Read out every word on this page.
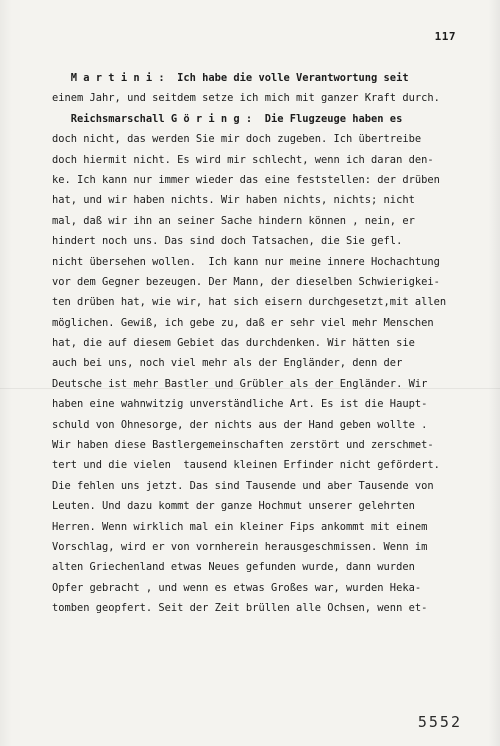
117
M a r t i n i :  Ich habe die volle Verantwortung seit
einem Jahr, und seitdem setze ich mich mit ganzer Kraft durch.
Reichsmarschall G ö r i n g :  Die Flugzeuge haben es
doch nicht, das werden Sie mir doch zugeben. Ich übertreibe
doch hiermit nicht. Es wird mir schlecht, wenn ich daran den-
ke. Ich kann nur immer wieder das eine feststellen: der drüben
hat, und wir haben nichts. Wir haben nichts, nichts; nicht
mal, daß wir ihn an seiner Sache hindern können , nein, er
hindert noch uns. Das sind doch Tatsachen, die Sie gefl.
nicht übersehen wollen.  Ich kann nur meine innere Hochachtung
vor dem Gegner bezeugen. Der Mann, der dieselben Schwierigkei-
ten drüben hat, wie wir, hat sich eisern durchgesetzt,mit allen
möglichen. Gewiß, ich gebe zu, daß er sehr viel mehr Menschen
hat, die auf diesem Gebiet das durchdenken. Wir hätten sie
auch bei uns, noch viel mehr als der Engländer, denn der
Deutsche ist mehr Bastler und Grübler als der Engländer. Wir
haben eine wahnwitzig unverständliche Art. Es ist die Haupt-
schuld von Ohnesorge, der nichts aus der Hand geben wollte .
Wir haben diese Bastlergemeinschaften zerstört und zerschmet-
tert und die vielen  tausend kleinen Erfinder nicht gefördert.
Die fehlen uns jetzt. Das sind Tausende und aber Tausende von
Leuten. Und dazu kommt der ganze Hochmut unserer gelehrten
Herren. Wenn wirklich mal ein kleiner Fips ankommt mit einem
Vorschlag, wird er von vornherein herausgeschmissen. Wenn im
alten Griechenland etwas Neues gefunden wurde, dann wurden
Opfer gebracht , und wenn es etwas Großes war, wurden Heka-
tomben geopfert. Seit der Zeit brüllen alle Ochsen, wenn et-
5552
